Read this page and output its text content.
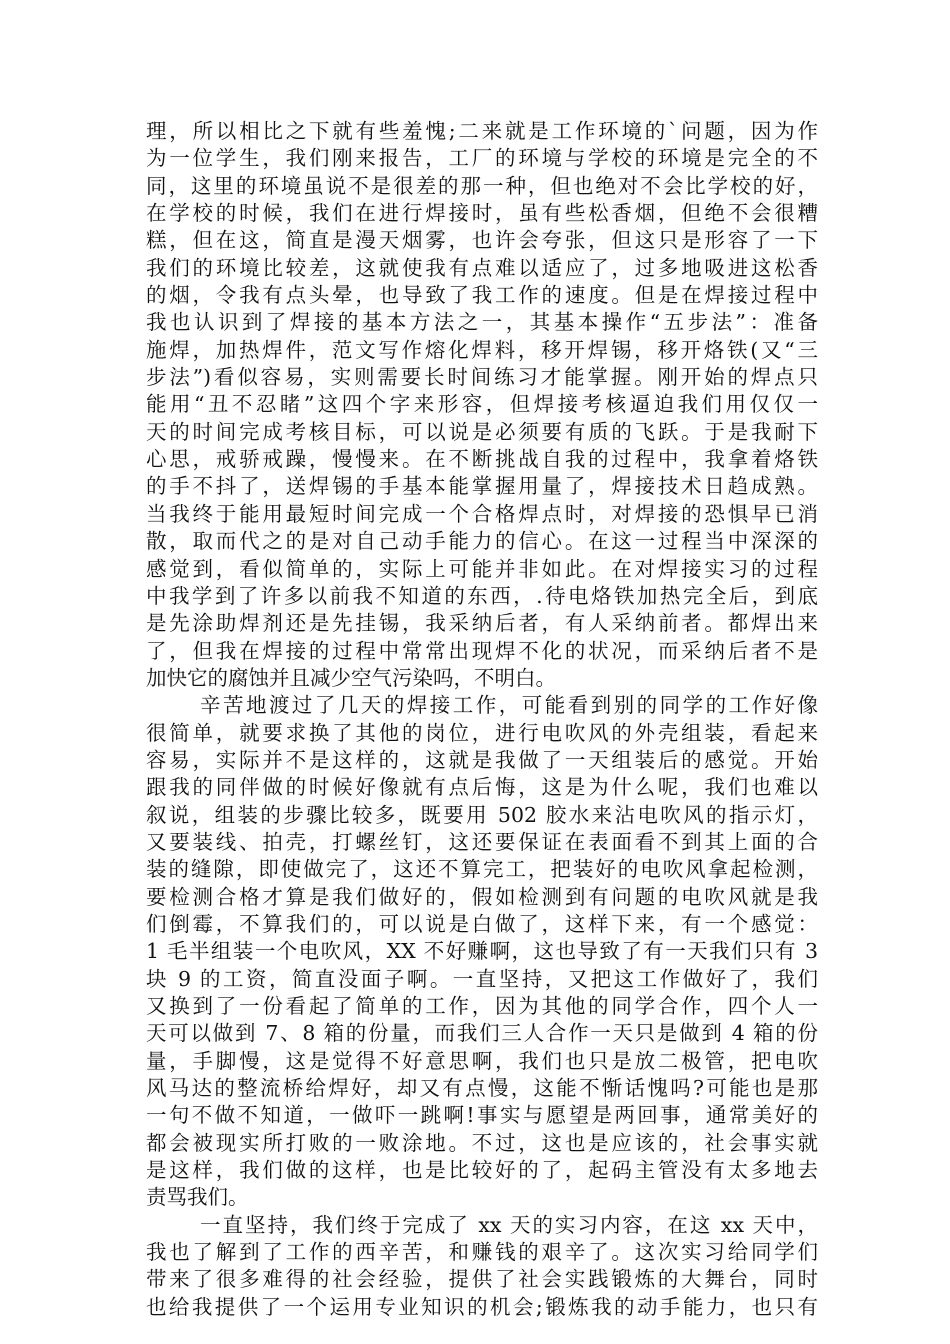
理，所以相比之下就有些羞愧;二来就是工作环境的`问题，因为作
为一位学生，我们刚来报告，工厂的环境与学校的环境是完全的不
同，这里的环境虽说不是很差的那一种，但也绝对不会比学校的好，
在学校的时候，我们在进行焊接时，虽有些松香烟，但绝不会很糟
糕，但在这，简直是漫天烟雾，也许会夸张，但这只是形容了一下
我们的环境比较差，这就使我有点难以适应了，过多地吸进这松香
的烟，令我有点头晕，也导致了我工作的速度。但是在焊接过程中
我也认识到了焊接的基本方法之一，其基本操作“五步法”：准备
施焊，加热焊件，范文写作熔化焊料，移开焊锡，移开烙铁(又“三
步法”)看似容易，实则需要长时间练习才能掌握。刚开始的焊点只
能用“丑不忍睹”这四个字来形容，但焊接考核逼迫我们用仅仅一
天的时间完成考核目标，可以说是必须要有质的飞跃。于是我耐下
心思，戒骄戒躁，慢慢来。在不断挑战自我的过程中，我拿着烙铁
的手不抖了，送焊锡的手基本能掌握用量了，焊接技术日趋成熟。
当我终于能用最短时间完成一个合格焊点时，对焊接的恐惧早已消
散，取而代之的是对自己动手能力的信心。在这一过程当中深深的
感觉到，看似简单的，实际上可能并非如此。在对焊接实习的过程
中我学到了许多以前我不知道的东西，.待电烙铁加热完全后，到底
是先涂助焊剂还是先挂锡，我采纳后者，有人采纳前者。都焊出来
了，但我在焊接的过程中常常出现焊不化的状况，而采纳后者不是
加快它的腐蚀并且减少空气污染吗，不明白。
辛苦地渡过了几天的焊接工作，可能看到别的同学的工作好像
很简单，就要求换了其他的岗位，进行电吹风的外壳组装，看起来
容易，实际并不是这样的，这就是我做了一天组装后的感觉。开始
跟我的同伴做的时候好像就有点后悔，这是为什么呢，我们也难以
叙说，组装的步骤比较多，既要用 502 胶水来沾电吹风的指示灯，
又要装线、拍壳，打螺丝钉，这还要保证在表面看不到其上面的合
装的缝隙，即使做完了，这还不算完工，把装好的电吹风拿起检测，
要检测合格才算是我们做好的，假如检测到有问题的电吹风就是我
们倒霉，不算我们的，可以说是白做了，这样下来，有一个感觉：
1 毛半组装一个电吹风，XX 不好赚啊，这也导致了有一天我们只有 3
块 9 的工资，简直没面子啊。一直坚持，又把这工作做好了，我们
又换到了一份看起了简单的工作，因为其他的同学合作，四个人一
天可以做到 7、8 箱的份量，而我们三人合作一天只是做到 4 箱的份
量，手脚慢，这是觉得不好意思啊，我们也只是放二极管，把电吹
风马达的整流桥给焊好，却又有点慢，这能不惭话愧吗?可能也是那
一句不做不知道，一做吓一跳啊!事实与愿望是两回事，通常美好的
都会被现实所打败的一败涂地。不过，这也是应该的，社会事实就
是这样，我们做的这样，也是比较好的了，起码主管没有太多地去
责骂我们。
一直坚持，我们终于完成了 xx 天的实习内容，在这 xx 天中，
我也了解到了工作的西辛苦，和赚钱的艰辛了。这次实习给同学们
带来了很多难得的社会经验，提供了社会实践锻炼的大舞台，同时
也给我提供了一个运用专业知识的机会;锻炼我的动手能力，也只有
